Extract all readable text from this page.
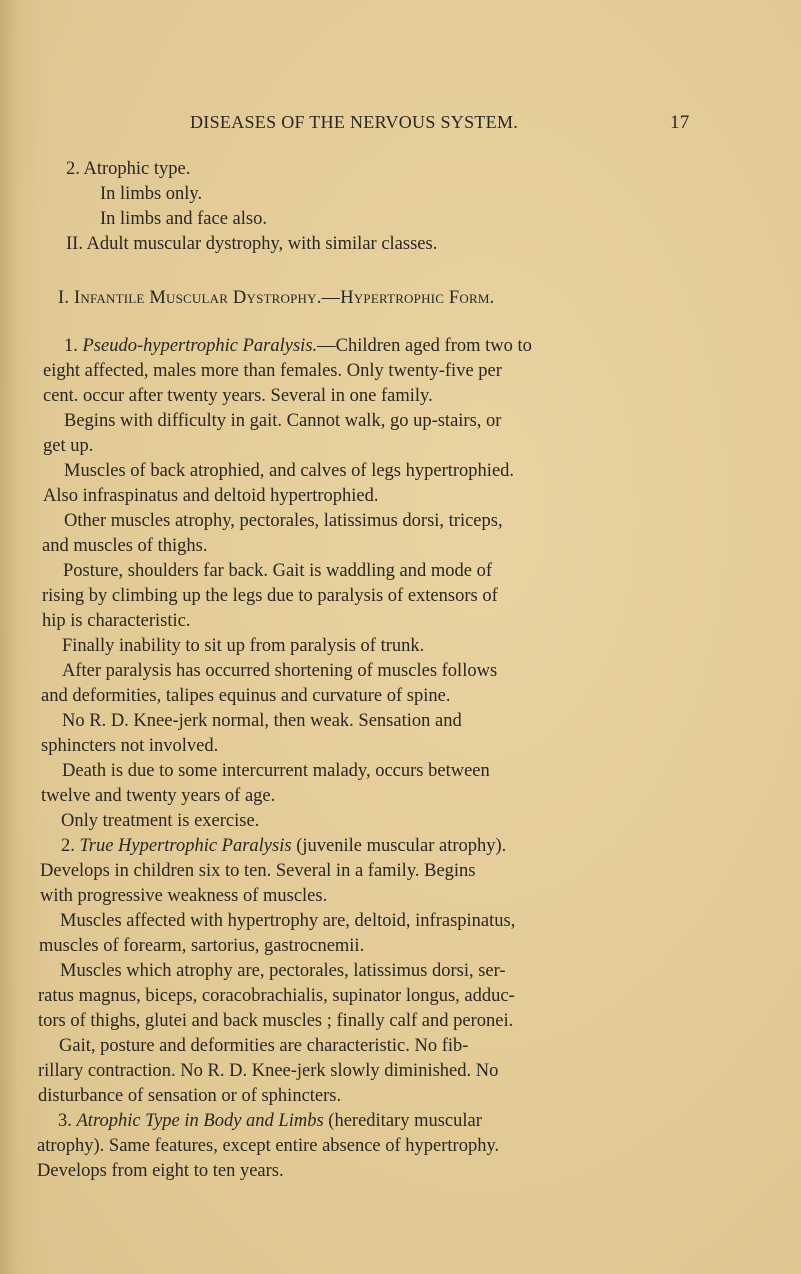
DISEASES OF THE NERVOUS SYSTEM.	17
2. Atrophic type.
In limbs only.
In limbs and face also.
II. Adult muscular dystrophy, with similar classes.
I. Infantile Muscular Dystrophy.—Hypertrophic Form.
1. Pseudo-hypertrophic Paralysis.—Children aged from two to
eight affected, males more than females. Only twenty-five per
cent. occur after twenty years. Several in one family.
Begins with difficulty in gait. Cannot walk, go up-stairs, or
get up.
Muscles of back atrophied, and calves of legs hypertrophied.
Also infraspinatus and deltoid hypertrophied.
Other muscles atrophy, pectorales, latissimus dorsi, triceps,
and muscles of thighs.
Posture, shoulders far back. Gait is waddling and mode of
rising by climbing up the legs due to paralysis of extensors of
hip is characteristic.
Finally inability to sit up from paralysis of trunk.
After paralysis has occurred shortening of muscles follows
and deformities, talipes equinus and curvature of spine.
No R. D. Knee-jerk normal, then weak. Sensation and
sphincters not involved.
Death is due to some intercurrent malady, occurs between
twelve and twenty years of age.
Only treatment is exercise.
2. True Hypertrophic Paralysis (juvenile muscular atrophy).
Develops in children six to ten. Several in a family. Begins
with progressive weakness of muscles.
Muscles affected with hypertrophy are, deltoid, infraspinatus,
muscles of forearm, sartorius, gastrocnemii.
Muscles which atrophy are, pectorales, latissimus dorsi, ser-
ratus magnus, biceps, coracobrachialis, supinator longus, adduc-
tors of thighs, glutei and back muscles ; finally calf and peronei.
Gait, posture and deformities are characteristic. No fib-
rillary contraction. No R. D. Knee-jerk slowly diminished. No
disturbance of sensation or of sphincters.
3. Atrophic Type in Body and Limbs (hereditary muscular
atrophy). Same features, except entire absence of hypertrophy.
Develops from eight to ten years.
